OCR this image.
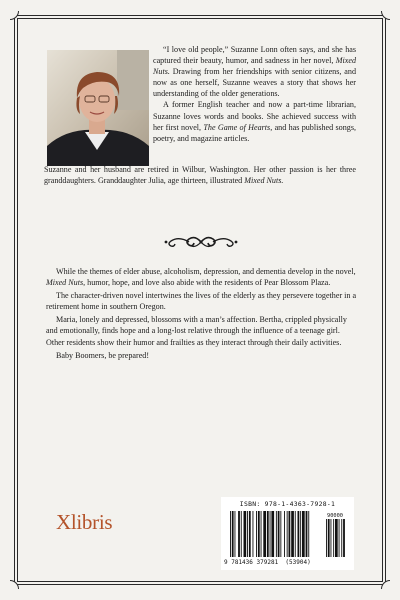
“I love old people,” Suzanne Lonn often says, and she has captured their beauty, humor, and sadness in her novel, Mixed Nuts. Drawing from her friendships with senior citizens, and now as one herself, Suzanne weaves a story that shows her understanding of the older generations.

A former English teacher and now a part-time librarian, Suzanne loves words and books. She achieved success with her first novel, The Game of Hearts, and has published songs, poetry, and magazine articles.

Suzanne and her husband are retired in Wilbur, Washington. Her other passion is her three granddaughters. Granddaughter Julia, age thirteen, illustrated Mixed Nuts.

While the themes of elder abuse, alcoholism, depression, and dementia develop in the novel, Mixed Nuts, humor, hope, and love also abide with the residents of Pear Blossom Plaza.

The character-driven novel intertwines the lives of the elderly as they persevere together in a retirement home in southern Oregon.

Maria, lonely and depressed, blossoms with a man’s affection. Bertha, crippled physically and emotionally, finds hope and a long-lost relative through the influence of a teenage girl. Other residents show their humor and frailties as they interact through their daily activities.

Baby Boomers, be prepared!

Xlibris
ISBN: 978-1-4363-7928-1
90000
9 781436 379281 (53904)
